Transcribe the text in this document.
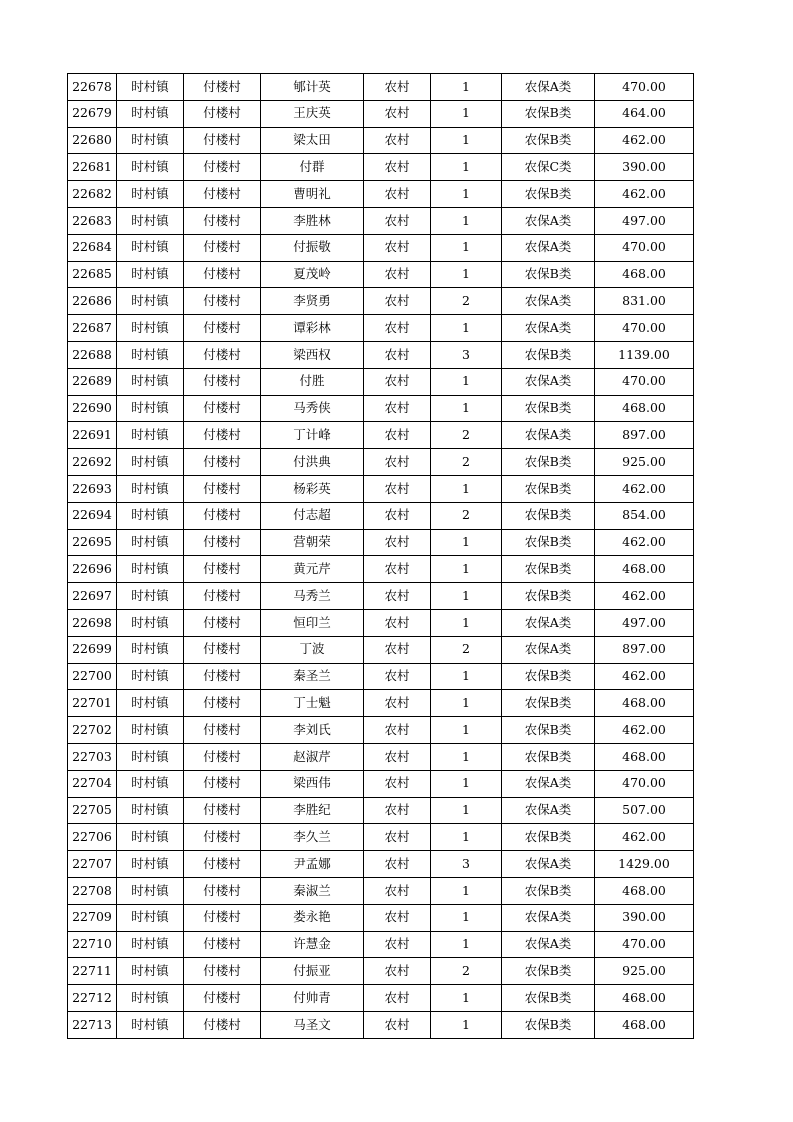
22678	时村镇	付楼村	郇计英	农村	1	农保A类	470.00
22679	时村镇	付楼村	王庆英	农村	1	农保B类	464.00
22680	时村镇	付楼村	梁太田	农村	1	农保B类	462.00
22681	时村镇	付楼村	付群	农村	1	农保C类	390.00
22682	时村镇	付楼村	曹明礼	农村	1	农保B类	462.00
22683	时村镇	付楼村	李胜林	农村	1	农保A类	497.00
22684	时村镇	付楼村	付振敬	农村	1	农保A类	470.00
22685	时村镇	付楼村	夏茂岭	农村	1	农保B类	468.00
22686	时村镇	付楼村	李贤勇	农村	2	农保A类	831.00
22687	时村镇	付楼村	谭彩林	农村	1	农保A类	470.00
22688	时村镇	付楼村	梁西权	农村	3	农保B类	1139.00
22689	时村镇	付楼村	付胜	农村	1	农保A类	470.00
22690	时村镇	付楼村	马秀侠	农村	1	农保B类	468.00
22691	时村镇	付楼村	丁计峰	农村	2	农保A类	897.00
22692	时村镇	付楼村	付洪典	农村	2	农保B类	925.00
22693	时村镇	付楼村	杨彩英	农村	1	农保B类	462.00
22694	时村镇	付楼村	付志超	农村	2	农保B类	854.00
22695	时村镇	付楼村	营朝荣	农村	1	农保B类	462.00
22696	时村镇	付楼村	黄元芹	农村	1	农保B类	468.00
22697	时村镇	付楼村	马秀兰	农村	1	农保B类	462.00
22698	时村镇	付楼村	恒印兰	农村	1	农保A类	497.00
22699	时村镇	付楼村	丁波	农村	2	农保A类	897.00
22700	时村镇	付楼村	秦圣兰	农村	1	农保B类	462.00
22701	时村镇	付楼村	丁士魁	农村	1	农保B类	468.00
22702	时村镇	付楼村	李刘氏	农村	1	农保B类	462.00
22703	时村镇	付楼村	赵淑芹	农村	1	农保B类	468.00
22704	时村镇	付楼村	梁西伟	农村	1	农保A类	470.00
22705	时村镇	付楼村	李胜纪	农村	1	农保A类	507.00
22706	时村镇	付楼村	李久兰	农村	1	农保B类	462.00
22707	时村镇	付楼村	尹孟娜	农村	3	农保A类	1429.00
22708	时村镇	付楼村	秦淑兰	农村	1	农保B类	468.00
22709	时村镇	付楼村	娄永艳	农村	1	农保A类	390.00
22710	时村镇	付楼村	许慧金	农村	1	农保A类	470.00
22711	时村镇	付楼村	付振亚	农村	2	农保B类	925.00
22712	时村镇	付楼村	付帅青	农村	1	农保B类	468.00
22713	时村镇	付楼村	马圣文	农村	1	农保B类	468.00
